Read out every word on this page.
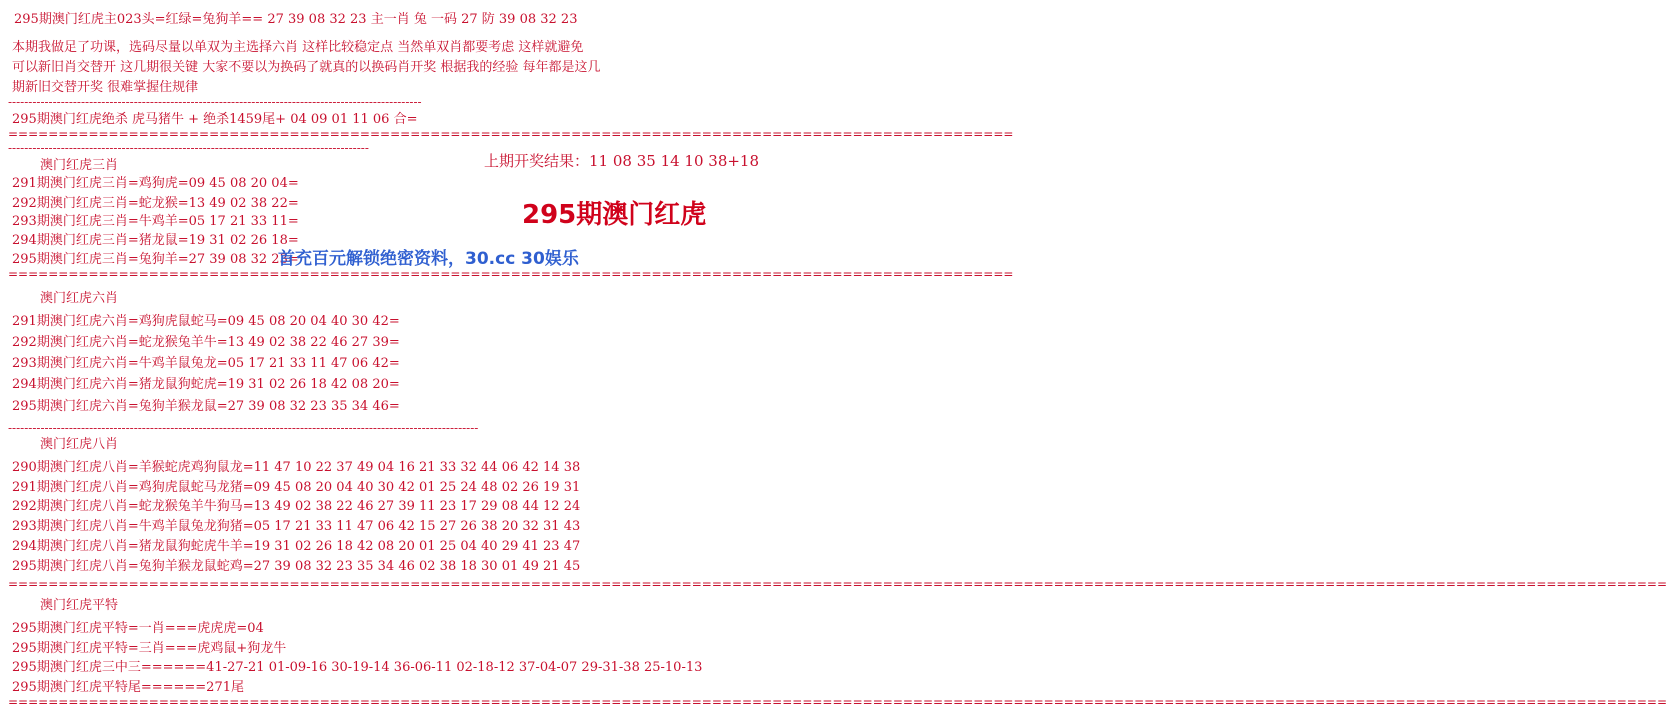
295期澳门红虎主023头=红绿=兔狗羊== 27 39 08 32 23 主一肖 兔 一码 27 防 39 08 32 23
本期我做足了功课，选码尽量以单双为主选择六肖 这样比较稳定点 当然单双肖都要考虑 这样就避免
可以新旧肖交替开 这几期很关键 大家不要以为换码了就真的以换码肖开奖 根据我的经验 每年都是这几
期新旧交替开奖 很难掌握住规律
------------------------------------------------------------------------------------------------------
295期澳门红虎绝杀 虎马猪牛 + 绝杀1459尾+ 04 09 01 11 06 合=
====================================================================================================
-----------------------------------------------------------------------------------------
上期开奖结果：11 08 35 14 10 38+18
295期澳门红虎
澳门红虎三肖
291期澳门红虎三肖=鸡狗虎=09 45 08 20 04=
292期澳门红虎三肖=蛇龙猴=13 49 02 38 22=
293期澳门红虎三肖=牛鸡羊=05 17 21 33 11=
294期澳门红虎三肖=猪龙鼠=19 31 02 26 18=
295期澳门红虎三肖=兔狗羊=27 39 08 32 23=
====================================================================================================
首充百元解锁绝密资料，30.cc 30娱乐
澳门红虎六肖
291期澳门红虎六肖=鸡狗虎鼠蛇马=09 45 08 20 04 40 30 42=
292期澳门红虎六肖=蛇龙猴兔羊牛=13 49 02 38 22 46 27 39=
293期澳门红虎六肖=牛鸡羊鼠兔龙=05 17 21 33 11 47 06 42=
294期澳门红虎六肖=猪龙鼠狗蛇虎=19 31 02 26 18 42 08 20=
295期澳门红虎六肖=兔狗羊猴龙鼠=27 39 08 32 23 35 34 46=
--------------------------------------------------------------------------------------------------------------------
澳门红虎八肖
290期澳门红虎八肖=羊猴蛇虎鸡狗鼠龙=11 47 10 22 37 49 04 16 21 33 32 44 06 42 14 38
291期澳门红虎八肖=鸡狗虎鼠蛇马龙猪=09 45 08 20 04 40 30 42 01 25 24 48 02 26 19 31
292期澳门红虎八肖=蛇龙猴兔羊牛狗马=13 49 02 38 22 46 27 39 11 23 17 29 08 44 12 24
293期澳门红虎八肖=牛鸡羊鼠兔龙狗猪=05 17 21 33 11 47 06 42 15 27 26 38 20 32 31 43
294期澳门红虎八肖=猪龙鼠狗蛇虎牛羊=19 31 02 26 18 42 08 20 01 25 04 40 29 41 23 47
295期澳门红虎八肖=兔狗羊猴龙鼠蛇鸡=27 39 08 32 23 35 34 46 02 38 18 30 01 49 21 45
=====================================================================================================================================================================
澳门红虎平特
295期澳门红虎平特=一肖===虎虎虎=04
295期澳门红虎平特=三肖===虎鸡鼠+狗龙牛
295期澳门红虎三中三======41-27-21 01-09-16 30-19-14 36-06-11 02-18-12 37-04-07 29-31-38 25-10-13
295期澳门红虎平特尾======271尾
=====================================================================================================================================================================
